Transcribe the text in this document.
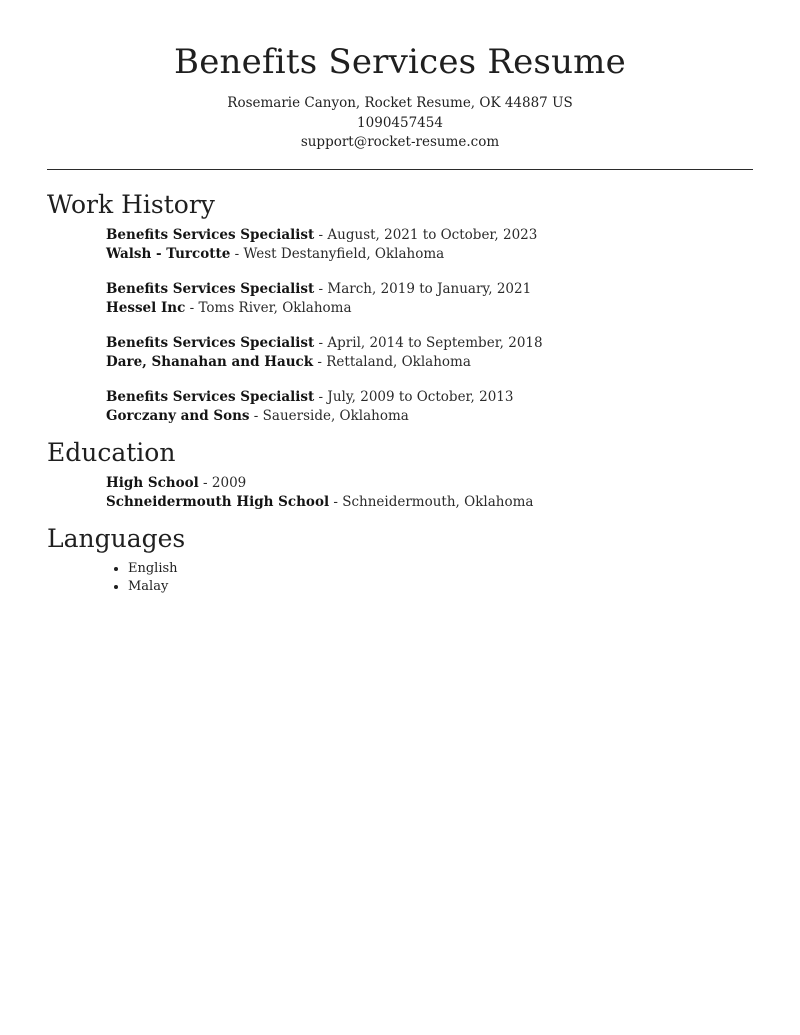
Benefits Services Resume
Rosemarie Canyon, Rocket Resume, OK 44887 US
1090457454
support@rocket-resume.com
Work History
Benefits Services Specialist - August, 2021 to October, 2023
Walsh - Turcotte - West Destanyfield, Oklahoma
Benefits Services Specialist - March, 2019 to January, 2021
Hessel Inc - Toms River, Oklahoma
Benefits Services Specialist - April, 2014 to September, 2018
Dare, Shanahan and Hauck - Rettaland, Oklahoma
Benefits Services Specialist - July, 2009 to October, 2013
Gorczany and Sons - Sauerside, Oklahoma
Education
High School - 2009
Schneidermouth High School - Schneidermouth, Oklahoma
Languages
• English
• Malay
